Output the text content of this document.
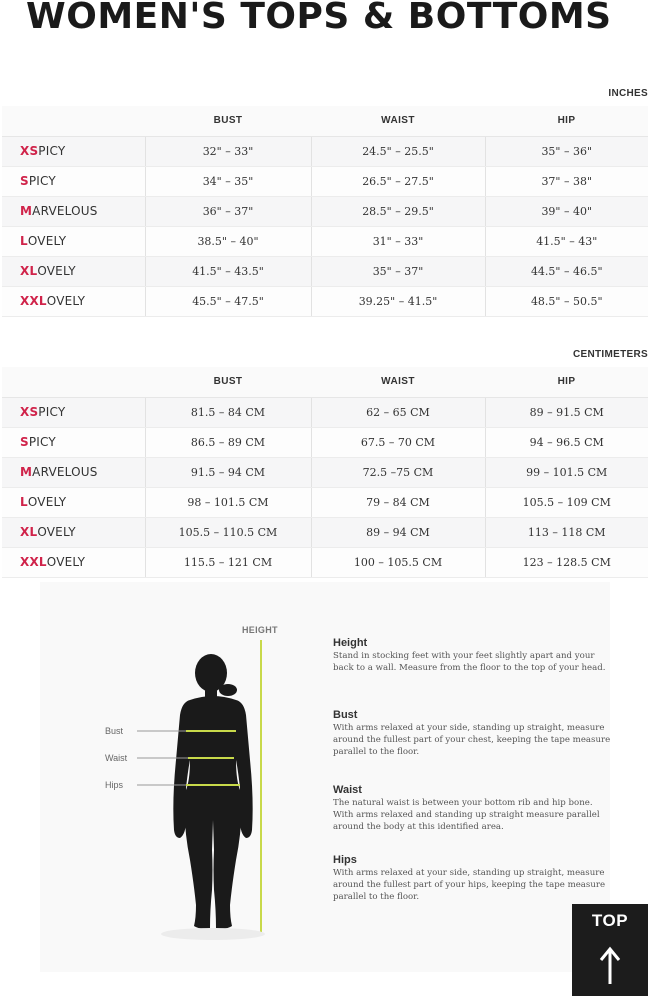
WOMEN'S TOPS & BOTTOMS
INCHES
	BUST	WAIST	HIP
XSPICY	32" – 33"	24.5" – 25.5"	35" – 36"
SPICY	34" – 35"	26.5" – 27.5"	37" – 38"
MARVELOUS	36" – 37"	28.5" – 29.5"	39" – 40"
LOVELY	38.5" – 40"	31" – 33"	41.5" – 43"
XLOVELY	41.5" – 43.5"	35" – 37"	44.5" – 46.5"
XXLOVELY	45.5" – 47.5"	39.25" – 41.5"	48.5" – 50.5"
CENTIMETERS
	BUST	WAIST	HIP
XSPICY	81.5 – 84 CM	62 – 65 CM	89 – 91.5 CM
SPICY	86.5 – 89 CM	67.5 – 70 CM	94 – 96.5 CM
MARVELOUS	91.5 – 94 CM	72.5 –75 CM	99 – 101.5 CM
LOVELY	98 – 101.5 CM	79 – 84 CM	105.5 – 109 CM
XLOVELY	105.5 – 110.5 CM	89 – 94 CM	113 – 118 CM
XXLOVELY	115.5 – 121 CM	100 – 105.5 CM	123 – 128.5 CM
HEIGHT
Bust
Waist
Hips
Height
Stand in stocking feet with your feet slightly apart and your back to a wall. Measure from the floor to the top of your head.
Bust
With arms relaxed at your side, standing up straight, measure around the fullest part of your chest, keeping the tape measure parallel to the floor.
Waist
The natural waist is between your bottom rib and hip bone. With arms relaxed and standing up straight measure parallel around the body at this identified area.
Hips
With arms relaxed at your side, standing up straight, measure around the fullest part of your hips, keeping the tape measure parallel to the floor.
TOP
